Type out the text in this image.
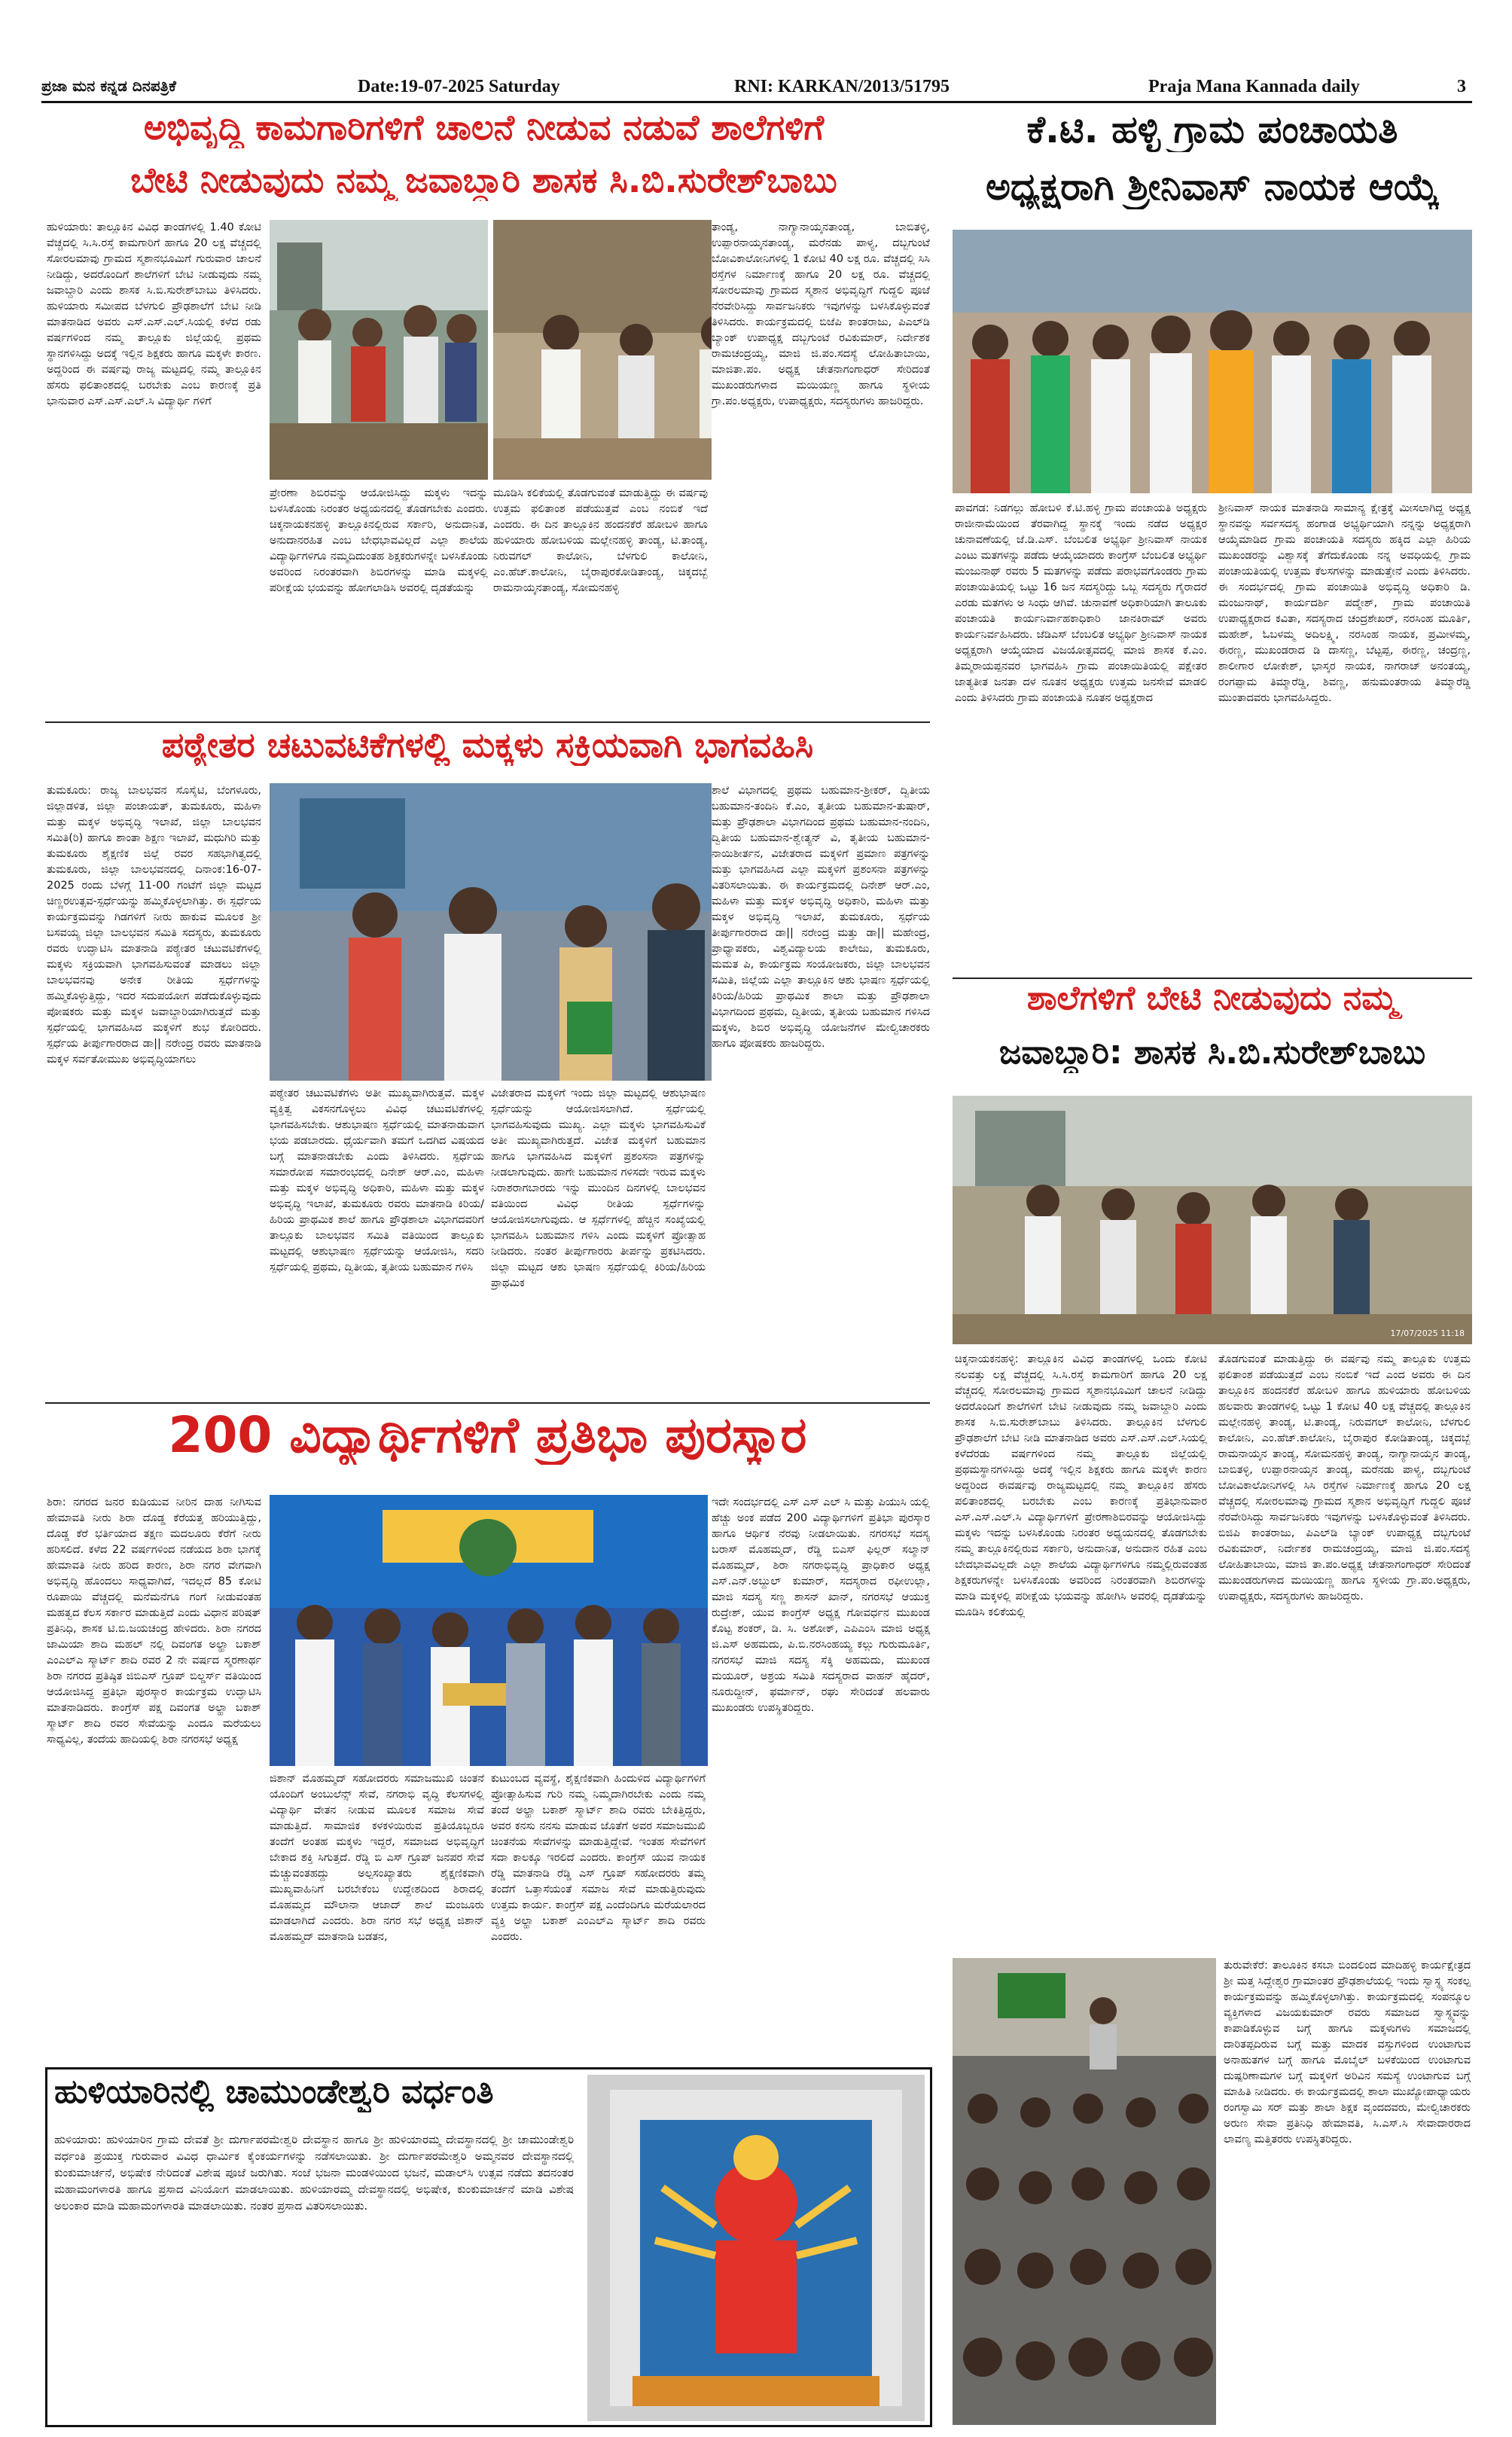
ಪ್ರಜಾ ಮನ ಕನ್ನಡ ದಿನಪತ್ರಿಕೆ	Date:19-07-2025 Saturday	RNI: KARKAN/2013/51795	Praja Mana Kannada daily	3
ಅಭಿವೃದ್ಧಿ ಕಾಮಗಾರಿಗಳಿಗೆ ಚಾಲನೆ ನೀಡುವ ನಡುವೆ ಶಾಲೆಗಳಿಗೆ
ಬೇಟಿ ನೀಡುವುದು ನಮ್ಮ ಜವಾಬ್ದಾರಿ ಶಾಸಕ ಸಿ.ಬಿ.ಸುರೇಶ್‌ಬಾಬು
ಹುಳಿಯಾರು: ತಾಲ್ಲೂಕಿನ ವಿವಿಧ ತಾಂಡಗಳಲ್ಲಿ 1.40 ಕೋಟಿ ವೆಚ್ಚದಲ್ಲಿ ಸಿ.ಸಿ.ರಸ್ತೆ ಕಾಮಗಾರಿಗೆ ಹಾಗೂ 20 ಲಕ್ಷ ವೆಚ್ಚದಲ್ಲಿ ಸೋರಲಮಾವು ಗ್ರಾಮದ ಸ್ಮಶಾನಭೂಮಿಗೆ ಗುರುವಾರ ಚಾಲನೆ ನೀಡಿದ್ದು, ಅದರೊಂದಿಗೆ ಶಾಲೆಗಳಿಗೆ ಬೇಟಿ ನೀಡುವುದು ನಮ್ಮ ಜವಾಬ್ದಾರಿ ಎಂದು ಶಾಸಕ ಸಿ.ಬಿ.ಸುರೇಶ್‌ಬಾಬು ತಿಳಿಸಿದರು. ಹುಳಿಯಾರು ಸಮೀಪದ ಬೆಳಗುಲಿ ಪ್ರೌಢಶಾಲೆಗೆ ಬೇಟಿ ನೀಡಿ ಮಾತನಾಡಿದ ಅವರು ಎಸ್.ಎಸ್.ಎಲ್.ಸಿಯಲ್ಲಿ ಕಳೆದ ರಡು ವರ್ಷಗಳಿಂದ ನಮ್ಮ ತಾಲ್ಲೂಕು ಜಿಲ್ಲೆಯಲ್ಲಿ ಪ್ರಥಮ ಸ್ಥಾನಗಳಿಸಿದ್ದು ಅದಕ್ಕೆ ಇಲ್ಲಿನ ಶಿಕ್ಷಕರು ಹಾಗೂ ಮಕ್ಕಳೇ ಕಾರಣ. ಅದ್ದರಿಂದ ಈ ವರ್ಷವು ರಾಜ್ಯ ಮಟ್ಟದಲ್ಲಿ ನಮ್ಮ ತಾಲ್ಲೂಕಿನ ಹೆಸರು ಫಲಿತಾಂಶದಲ್ಲಿ ಬರಬೇಕು ಎಂಬ ಕಾರಣಕ್ಕೆ ಪ್ರತಿ ಭಾನುವಾರ ಎಸ್.ಎಸ್.ಎಲ್.ಸಿ ವಿದ್ಯಾರ್ಥಿ ಗಳಿಗೆ
ಪ್ರೇರಣಾ ಶಿಬಿರವನ್ನು ಆಯೋಜಿಸಿದ್ದು ಮಕ್ಕಳು ಇದನ್ನು ಬಳಸಿಕೊಂಡು ನಿರಂತರ ಅಧ್ಯಯನದಲ್ಲಿ ತೊಡಗಬೇಕು ಎಂದರು. ಚಿಕ್ಕನಾಯಕನಹಳ್ಳಿ ತಾಲ್ಲೂಕಿನಲ್ಲಿರುವ ಸರ್ಕಾರಿ, ಅನುದಾನಿತ, ಅನುದಾನರಹಿತ ಎಂಬ ಬೇಧಭಾವವಿಲ್ಲದೆ ಎಲ್ಲಾ ಶಾಲೆಯ ವಿದ್ಯಾರ್ಥಿಗಳಿಗೂ ನಮ್ಮದಿದುಂತಹ ಶಿಕ್ಷಕರುಗಳನ್ನೇ ಬಳಸಿಕೊಂಡು ಅವರಿಂದ ನಿರಂತರವಾಗಿ ಶಿಬಿರಗಳನ್ನು ಮಾಡಿ ಮಕ್ಕಳಲ್ಲಿ ಪರೀಕ್ಷೆಯ ಭಯವನ್ನು ಹೋಗಲಾಡಿಸಿ ಅವರಲ್ಲಿ ದೃಡತೆಯನ್ನು
ಮೂಡಿಸಿ ಕಲಿಕೆಯಲ್ಲಿ ತೊಡಗುವಂತೆ ಮಾಡುತ್ತಿದ್ದು ಈ ವರ್ಷವು ಉತ್ತಮ ಫಲಿತಾಂಶ ಪಡೆಯುತ್ತವೆ ಎಂಬ ನಂಬಿಕೆ ಇದೆ ಎಂದರು. ಈ ದಿನ ತಾಲ್ಲೂಕಿನ ಹಂದನಕೆರೆ ಹೋಬಳಿ ಹಾಗೂ ಹುಳಿಯಾರು ಹೋಬಳಿಯ ಮಲ್ಲೇನಹಳ್ಳಿ ತಾಂಡ್ಯ, ಟಿ.ತಾಂಡ್ಯ, ನಿರುವಗಲ್ ಕಾಲೋನಿ, ಬೆಳಗುಲಿ ಕಾಲೋನಿ, ಎಂ.ಹೆಚ್.ಕಾಲೋನಿ, ಬೈರಾಪುರಕೋಡಿತಾಂಡ್ಯ, ಚಿಕ್ಕದಬ್ಬೆ ರಾಮನಾಯ್ಕನತಾಂಡ್ಯ, ಸೋಮನಹಳ್ಳಿ
ತಾಂಡ್ಯ, ನಾಗ್ಯಾನಾಯ್ಕನತಾಂಡ್ಯ, ಬಾಬಿತಳ್ಳಿ, ಉಪ್ಪಾರನಾಯ್ಕನತಾಂಡ್ಯ, ಮರೆನಡು ಪಾಳ್ಯ, ದಬ್ಬಗುಂಟೆ ಬೋವಿಕಾಲೋನಿಗಳಲ್ಲಿ 1 ಕೋಟಿ 40 ಲಕ್ಷ ರೂ. ವೆಚ್ಚದಲ್ಲಿ ಸಿಸಿ ರಸ್ತೆಗಳ ನಿರ್ಮಾಣಕ್ಕೆ ಹಾಗೂ 20 ಲಕ್ಷ ರೂ. ವೆಚ್ಚದಲ್ಲಿ ಸೋರಲಮಾವು ಗ್ರಾಮದ ಸ್ಮಶಾನ ಅಭಿವೃದ್ಧಿಗೆ ಗುದ್ದಲಿ ಪೂಜೆ ನೆರವೇರಿಸಿದ್ದು ಸಾರ್ವಜನಿಕರು ಇವುಗಳನ್ನು ಬಳಸಿಕೊಳ್ಳುವಂತೆ ತಿಳಿಸಿದರು. ಕಾರ್ಯಕ್ರಮದಲ್ಲಿ ಬಿಜೆಪಿ ಕಾಂತರಾಜು, ಪಿಎಲ್‌ಡಿ ಬ್ಯಾಂಕ್ ಉಪಾಧ್ಯಕ್ಷ ದಬ್ಬಗುಂಟೆ ರವಿಕುಮಾರ್, ನಿರ್ದೇಶಕ ರಾಮಚಂದ್ರಯ್ಯ, ಮಾಜಿ ಜಿ.ಪಂ.ಸದಸ್ಯೆ ಲೋಹಿತಾಬಾಯಿ, ಮಾಜಿತಾ.ಪಂ. ಅಧ್ಯಕ್ಷ ಚೇತನಾಗಂಗಾಧರ್ ಸೇರಿದಂತೆ ಮುಖಂಡರುಗಳಾದ ಮಯಿಯಣ್ಣ ಹಾಗೂ ಸ್ಥಳೀಯ ಗ್ರಾ.ಪಂ.ಅಧ್ಯಕ್ಷರು, ಉಪಾಧ್ಯಕ್ಷರು, ಸದಸ್ಯರುಗಳು ಹಾಜರಿದ್ದರು.
ಪಠ್ಯೇತರ ಚಟುವಟಿಕೆಗಳಲ್ಲಿ ಮಕ್ಕಳು ಸಕ್ರಿಯವಾಗಿ ಭಾಗವಹಿಸಿ
ತುಮಕೂರು: ರಾಜ್ಯ ಬಾಲಭವನ ಸೊಸೈಟಿ, ಬೆಂಗಳೂರು, ಜಿಲ್ಲಾಡಳಿತ, ಜಿಲ್ಲಾ ಪಂಚಾಯತ್, ತುಮಕೂರು, ಮಹಿಳಾ ಮತ್ತು ಮಕ್ಕಳ ಅಭಿವೃದ್ಧಿ ಇಲಾಖೆ, ಜಿಲ್ಲಾ ಬಾಲಭವನ ಸಮಿತಿ(ರಿ) ಹಾಗೂ ಶಾಂತಾ ಶಿಕ್ಷಣ ಇಲಾಖೆ, ಮಧುಗಿರಿ ಮತ್ತು ತುಮಕೂರು ಶೈಕ್ಷಣಿಕ ಜಿಲ್ಲೆ ರವರ ಸಹಭಾಗಿತ್ವದಲ್ಲಿ ತುಮಕೂರು, ಜಿಲ್ಲಾ ಬಾಲಭವನದಲ್ಲಿ ದಿನಾಂಕ:16-07-2025 ರಂದು ಬೆಳಗ್ಗೆ 11-00 ಗಂಟೆಗೆ ಜಿಲ್ಲಾ ಮಟ್ಟದ ಚಿಣ್ಣರಉತ್ಸವ-ಸ್ಪರ್ಧೆಯನ್ನು ಹಮ್ಮಿಕೊಳ್ಳಲಾಗಿತ್ತು. ಈ ಸ್ಪರ್ಧೆಯ ಕಾರ್ಯಕ್ರಮವನ್ನು ಗಿಡಗಳಿಗೆ ನೀರು ಹಾಕುವ ಮೂಲಕ ಶ್ರೀ ಬಸವಯ್ಯ ಜಿಲ್ಲಾ ಬಾಲಭವನ ಸಮಿತಿ ಸದಸ್ಯರು, ತುಮಕೂರು ರವರು ಉದ್ಘಾಟಿಸಿ ಮಾತನಾಡಿ ಪಠ್ಯೇತರ ಚಟುವಟಿಕೆಗಳಲ್ಲಿ ಮಕ್ಕಳು ಸಕ್ರಿಯವಾಗಿ ಭಾಗವಹಿಸುವಂತೆ ಮಾಡಲು ಜಿಲ್ಲಾ ಬಾಲಭವನವು ಅನೇಕ ರೀತಿಯ ಸ್ಪರ್ಧೆಗಳನ್ನು ಹಮ್ಮಿಕೊಳ್ಳುತ್ತಿದ್ದು, ಇದರ ಸದುಪಯೋಗ ಪಡೆದುಕೊಳ್ಳುವುದು ಪೋಷಕರು ಮತ್ತು ಮಕ್ಕಳ ಜವಾಬ್ದಾರಿಯಾಗಿರುತ್ತದೆ ಮತ್ತು ಸ್ಪರ್ಧೆಯಲ್ಲಿ ಭಾಗವಹಿಸಿದ ಮಕ್ಕಳಿಗೆ ಶುಭ ಕೋರಿದರು. ಸ್ಪರ್ಧೆಯ ತೀರ್ಪುಗಾರರಾದ ಡಾ|| ನರೇಂದ್ರ ರವರು ಮಾತನಾಡಿ ಮಕ್ಕಳ ಸರ್ವತೋಮುಖ ಅಭಿವೃದ್ಧಿಯಾಗಲು
ಪಠ್ಯೇತರ ಚಟುವಟಿಕೆಗಳು ಅತೀ ಮುಖ್ಯವಾಗಿರುತ್ತವೆ. ಮಕ್ಕಳ ವ್ಯಕ್ತಿತ್ವ ವಿಕಸನಗೊಳ್ಳಲು ವಿವಿಧ ಚಟುವಟಿಕೆಗಳಲ್ಲಿ ಭಾಗವಹಿಸಬೇಕು. ಆಶುಭಾಷಣ ಸ್ಪರ್ಧೆಯಲ್ಲಿ ಮಾತನಾಡುವಾಗ ಭಯ ಪಡಬಾರದು. ಧೈರ್ಯವಾಗಿ ತಮಗೆ ಒದಗಿದ ವಿಷಯದ ಬಗ್ಗೆ ಮಾತನಾಡಬೇಕು ಎಂದು ತಿಳಿಸಿದರು. ಸ್ಪರ್ಧೆಯ ಸಮಾರೋಪ ಸಮಾರಂಭದಲ್ಲಿ ದಿನೇಶ್ ಆರ್.ಎಂ, ಮಹಿಳಾ ಮತ್ತು ಮಕ್ಕಳ ಅಭಿವೃದ್ಧಿ ಅಧಿಕಾರಿ, ಮಹಿಳಾ ಮತ್ತು ಮಕ್ಕಳ ಅಭಿವೃದ್ಧಿ ಇಲಾಖೆ, ತುಮಕೂರು ರವರು ಮಾತನಾಡಿ ಕಿರಿಯ/ಹಿರಿಯ ಪ್ರಾಥಮಿಕ ಶಾಲೆ ಹಾಗೂ ಪ್ರೌಢಶಾಲಾ ವಿಭಾಗದವರಿಗೆ ತಾಲ್ಲೂಕು ಬಾಲಭವನ ಸಮಿತಿ ವತಿಯಿಂದ ತಾಲ್ಲೂಕು ಮಟ್ಟದಲ್ಲಿ ಆಶುಭಾಷಣ ಸ್ಪರ್ಧೆಯನ್ನು ಆಯೋಜಿಸಿ, ಸದರಿ ಸ್ಪರ್ಧೆಯಲ್ಲಿ ಪ್ರಥಮ, ದ್ವಿತೀಯ, ತೃತೀಯ ಬಹುಮಾನ ಗಳಿಸಿ
ವಿಜೇತರಾದ ಮಕ್ಕಳಿಗೆ ಇಂದು ಜಿಲ್ಲಾ ಮಟ್ಟದಲ್ಲಿ ಆಶುಭಾಷಣ ಸ್ಪರ್ಧೆಯನ್ನು ಆಯೋಜಿಸಲಾಗಿದೆ. ಸ್ಪರ್ಧೆಯಲ್ಲಿ ಭಾಗವಹಿಸುವುದು ಮುಖ್ಯ. ಎಲ್ಲಾ ಮಕ್ಕಳು ಭಾಗವಹಿಸುವಿಕೆ ಅತೀ ಮುಖ್ಯವಾಗಿರುತ್ತದೆ. ವಿಜೇತ ಮಕ್ಕಳಿಗೆ ಬಹುಮಾನ ಹಾಗೂ ಭಾಗವಹಿಸಿದ ಮಕ್ಕಳಿಗೆ ಪ್ರಶಂಸನಾ ಪತ್ರಗಳನ್ನು ನೀಡಲಾಗುವುದು. ಹಾಗೇ ಬಹುಮಾನ ಗಳಿಸದೇ ಇರುವ ಮಕ್ಕಳು ನಿರಾಶರಾಗಬಾರದು ಇನ್ನು ಮುಂದಿನ ದಿನಗಳಲ್ಲಿ ಬಾಲಭವನ ವತಿಯಿಂದ ವಿವಿಧ ರೀತಿಯ ಸ್ಪರ್ಧೆಗಳನ್ನು ಆಯೋಜಿಸಲಾಗುವುದು. ಆ ಸ್ಪರ್ಧೆಗಳಲ್ಲಿ ಹೆಚ್ಚಿನ ಸಂಖ್ಯೆಯಲ್ಲಿ ಭಾಗವಹಿಸಿ ಬಹುಮಾನ ಗಳಿಸಿ ಎಂದು ಮಕ್ಕಳಿಗೆ ಪ್ರೋತ್ಸಾಹ ನೀಡಿದರು. ನಂತರ ತೀರ್ಪುಗಾರರು ತೀರ್ಪನ್ನು ಪ್ರಕಟಿಸಿದರು. ಜಿಲ್ಲಾ ಮಟ್ಟದ ಆಶು ಭಾಷಣ ಸ್ಪರ್ಧೆಯಲ್ಲಿ ಕಿರಿಯ/ಹಿರಿಯ ಪ್ರಾಥಮಿಕ
ಶಾಲೆ ವಿಭಾಗದಲ್ಲಿ ಪ್ರಥಮ ಬಹುಮಾನ-ಶ್ರೀಕರ್, ದ್ವಿತೀಯ ಬಹುಮಾನ-ತಂದಿನಿ ಕೆ.ಎಂ, ತೃತೀಯ ಬಹುಮಾನ-ತುಷಾರ್, ಮತ್ತು ಪ್ರೌಢಶಾಲಾ ವಿಭಾಗದಿಂದ ಪ್ರಥಮ ಬಹುಮಾನ-ನಂದಿನಿ, ದ್ವಿತೀಯ ಬಹುಮಾನ-ಶ್ವೇತ್ಯನ್ ವಿ, ತೃತೀಯ ಬಹುಮಾನ-ನಾಯಿಶೀರ್ತನ, ವಿಜೇತರಾದ ಮಕ್ಕಳಿಗೆ ಪ್ರಮಾಣ ಪತ್ರಗಳನ್ನು ಮತ್ತು ಭಾಗವಹಿಸಿದ ಎಲ್ಲಾ ಮಕ್ಕಳಿಗೆ ಪ್ರಶಂಸನಾ ಪತ್ರಗಳನ್ನು ವಿತರಿಸಲಾಯಿತು. ಈ ಕಾರ್ಯಕ್ರಮದಲ್ಲಿ ದಿನೇಶ್ ಆರ್.ಎಂ, ಮಹಿಳಾ ಮತ್ತು ಮಕ್ಕಳ ಅಭಿವೃದ್ಧಿ ಅಧಿಕಾರಿ, ಮಹಿಳಾ ಮತ್ತು ಮಕ್ಕಳ ಅಭಿವೃದ್ಧಿ ಇಲಾಖೆ, ತುಮಕೂರು, ಸ್ಪರ್ಧೆಯ ತೀರ್ಪುಗಾರರಾದ ಡಾ|| ನರೇಂದ್ರ ಮತ್ತು ಡಾ|| ಮಹೇಂದ್ರ, ಪ್ರಾಧ್ಯಾಪಕರು, ವಿಶ್ವವಿದ್ಯಾಲಯ ಕಾಲೇಜು, ತುಮಕೂರು, ಮಮತ ಪಿ, ಕಾರ್ಯಕ್ರಮ ಸಂಯೋಜಕರು, ಜಿಲ್ಲಾ ಬಾಲಭವನ ಸಮಿತಿ, ಜಿಲ್ಲೆಯ ಎಲ್ಲಾ ತಾಲ್ಲೂಕಿನ ಆಶು ಭಾಷಣ ಸ್ಪರ್ಧೆಯಲ್ಲಿ ಕಿರಿಯ/ಹಿರಿಯ ಪ್ರಾಥಮಿಕ ಶಾಲಾ ಮತ್ತು ಪ್ರೌಢಶಾಲಾ ವಿಭಾಗದಿಂದ ಪ್ರಥಮ, ದ್ವಿತೀಯ, ತೃತೀಯ ಬಹುಮಾನ ಗಳಿಸಿದ ಮಕ್ಕಳು, ಶಿಬಿರ ಅಭಿವೃದ್ಧಿ ಯೋಜನೆಗಳ ಮೇಲ್ವಿಚಾರಕರು ಹಾಗೂ ಪೋಷಕರು ಹಾಜರಿದ್ದರು.
200 ವಿದ್ಯಾರ್ಥಿಗಳಿಗೆ ಪ್ರತಿಭಾ ಪುರಸ್ಕಾರ
ಶಿರಾ: ನಗರದ ಜನರ ಕುಡಿಯುವ ನೀರಿನ ದಾಹ ನೀಗಿಸುವ ಹೇಮಾವತಿ ನೀರು ಶಿರಾ ದೊಡ್ಡ ಕೆರೆಯತ್ತ ಹರಿಯುತ್ತಿದ್ದು, ದೊಡ್ಡ ಕೆರೆ ಭರ್ತಿಯಾದ ತಕ್ಷಣ ಮದಲೂರು ಕೆರೆಗೆ ನೀರು ಹರಿಸಲಿದೆ. ಕಳೆದ 22 ವರ್ಷಗಳಿಂದ ನಡೆಯದ ಶಿರಾ ಭಾಗಕ್ಕೆ ಹೇಮಾವತಿ ನೀರು ಹರಿದ ಕಾರಣ, ಶಿರಾ ನಗರ ವೇಗವಾಗಿ ಅಭಿವೃದ್ಧಿ ಹೊಂದಲು ಸಾಧ್ಯವಾಗಿದೆ, ಇದಲ್ಲದೆ 85 ಕೋಟಿ ರೂಪಾಯಿ ವೆಚ್ಚದಲ್ಲಿ ಮನೆಮನೆಗೂ ಗಂಗೆ ನೀಡುವಂತಹ ಮಹತ್ವದ ಕೆಲಸ ಸರ್ಕಾರ ಮಾಡುತ್ತಿದೆ ಎಂದು ವಿಧಾನ ಪರಿಷತ್ ಪ್ರತಿನಿಧಿ, ಶಾಸಕ ಟಿ.ಬಿ.ಜಯಚಂದ್ರ ಹೇಳಿದರು. ಶಿರಾ ನಗರದ ಜಾಮಿಯಾ ಶಾದಿ ಮಹಲ್ ನಲ್ಲಿ ದಿವಂಗತ ಅಲ್ಹಾ ಬಕಾಶ್ ಎಂಎಲ್‌ಎ ಸ್ಮಾರ್ಟ್ ಶಾದಿ ರವರ 2 ನೇ ವರ್ಷದ ಸ್ಮರಣಾರ್ಥ ಶಿರಾ ನಗರದ ಪ್ರತಿಷ್ಠಿತ ಜಿಬಿಎಸ್ ಗ್ರೂಪ್ ಬಿಲ್ಡರ್ಸ್ ವತಿಯಿಂದ ಆಯೋಜಿಸಿದ್ದ ಪ್ರತಿಭಾ ಪುರಸ್ಕಾರ ಕಾರ್ಯಕ್ರಮ ಉದ್ಘಾಟಿಸಿ ಮಾತನಾಡಿದರು. ಕಾಂಗ್ರೆಸ್ ಪಕ್ಷ ದಿವಂಗತ ಅಲ್ಹಾ ಬಕಾಶ್ ಸ್ಮಾರ್ಟ್ ಶಾದಿ ರವರ ಸೇವೆಯನ್ನು ಎಂದೂ ಮರೆಯಲು ಸಾಧ್ಯವಿಲ್ಲ, ತಂದೆಯ ಹಾದಿಯಲ್ಲಿ ಶಿರಾ ನಗರಸಭೆ ಅಧ್ಯಕ್ಷ
ಜಿಶಾನ್ ಮೊಹಮ್ಮದ್ ಸಹೋದರರು ಸಮಾಜಮುಖಿ ಚಿಂತನೆ ಯೊಂದಿಗೆ ಅಂಬುಲೆನ್ಸ್ ಸೇವೆ, ನಗರಾಭಿ ವೃದ್ಧಿ ಕೆಲಸಗಳಲ್ಲಿ ವಿದ್ಯಾರ್ಥಿ ವೇತನ ನೀಡುವ ಮೂಲಕ ಸಮಾಜ ಸೇವೆ ಮಾಡುತ್ತಿದೆ. ಸಾಮಾಜಿಕ ಕಳಕಳಿಯಿರುವ ಪ್ರತಿಯೊಬ್ಬರೂ ತಂದೆಗೆ ಅಂತಹ ಮಕ್ಕಳು ಇದ್ದರೆ, ಸಮಾಜದ ಅಭಿವೃದ್ಧಿಗೆ ಬೇಕಾದ ಶಕ್ತಿ ಸಿಗುತ್ತದೆ. ರೆಡ್ಡಿ ಬಿ ಎಸ್ ಗ್ರೂಪ್ ಜನಪರ ಸೇವೆ ಮೆಚ್ಚುವಂತಹದ್ದು ಅಲ್ಪಸಂಖ್ಯಾತರು ಶೈಕ್ಷಣಿಕವಾಗಿ ಮುಖ್ಯವಾಹಿನಿಗೆ ಬರಬೇಕೆಂಬ ಉದ್ದೇಶದಿಂದ ಶಿರಾದಲ್ಲಿ ಮೊಹಮ್ಮದ ಮೌಲಾನಾ ಆಜಾದ್ ಶಾಲೆ ಮಂಜೂರು ಮಾಡಲಾಗಿದೆ ಎಂದರು. ಶಿರಾ ನಗರ ಸಭೆ ಅಧ್ಯಕ್ಷ ಜಿಶಾನ್ ಮೊಹಮ್ಮದ್ ಮಾತನಾಡಿ ಬಡತನ,
ಕುಟುಂಬದ ವ್ಯವಸ್ಥೆ, ಶೈಕ್ಷಣಿಕವಾಗಿ ಹಿಂದುಳಿದ ವಿದ್ಯಾರ್ಥಿಗಳಿಗೆ ಪ್ರೋತ್ಸಾಹಿಸುವ ಗುರಿ ನಮ್ಮ ನಿಮ್ಮದಾಗಿರಬೇಕು ಎಂದು ನಮ್ಮ ತಂದೆ ಅಲ್ಹಾ ಬಕಾಶ್ ಸ್ಮಾರ್ಟ್ ಶಾದಿ ರವರು ಬೇಕಿತ್ತಿದ್ದರು, ಅವರ ಕನಸು ನನಸು ಮಾಡುವ ಜೊತೆಗೆ ಅವರ ಸಮಾಜಮುಖಿ ಚಿಂತನೆಯ ಸೇವೆಗಳನ್ನು ಮಾಡುತ್ತಿದ್ದೇವೆ. ಇಂತಹ ಸೇವೆಗಳಿಗೆ ಸದಾ ಕಾಲಕ್ಕೂ ಇರಲಿದೆ ಎಂದರು. ಕಾಂಗ್ರೆಸ್ ಯುವ ನಾಯಕ ರೆಡ್ಡಿ ಮಾತನಾಡಿ ರೆಡ್ಡಿ ಎಸ್ ಗ್ರೂಪ್ ಸಹೋದರರು ತಮ್ಮ ತಂದೆಗೆ ಒತ್ತಾಸೆಯಂತೆ ಸಮಾಜ ಸೇವೆ ಮಾಡುತ್ತಿರುವುದು ಉತ್ತಮ ಕಾರ್ಯ. ಕಾಂಗ್ರೆಸ್ ಪಕ್ಷ ಎಂದೆಂದಿಗೂ ಮರೆಯಲಾರದ ವ್ಯಕ್ತಿ ಅಲ್ಹಾ ಬಕಾಶ್ ಎಂಎಲ್‌ಎ ಸ್ಮಾರ್ಟ್ ಶಾದಿ ರವರು ಎಂದರು.
ಇದೇ ಸಂದರ್ಭದಲ್ಲಿ ಎಸ್ ಎಸ್ ಎಲ್ ಸಿ ಮತ್ತು ಪಿಯುಸಿ ಯಲ್ಲಿ ಹೆಚ್ಚು ಅಂಕ ಪಡೆದ 200 ವಿದ್ಯಾರ್ಥಿಗಳಿಗೆ ಪ್ರತಿಭಾ ಪುರಸ್ಕಾರ ಹಾಗೂ ಆರ್ಥಿಕ ನೆರವು ನೀಡಲಾಯಿತು. ನಗರಸಭೆ ಸದಸ್ಯ ಬರಾಸ್ ಮೊಹಮ್ಮದ್, ರೆಡ್ಡಿ ಬಿಎಸ್ ಫಿಲ್ಲರ್ ಸಲ್ಮಾನ್ ಮೊಹಮ್ಮದ್, ಶಿರಾ ನಗರಾಭಿವೃದ್ಧಿ ಪ್ರಾಧಿಕಾರ ಅಧ್ಯಕ್ಷ ಎಸ್.ಎನ್.ಅಬ್ದುಲ್ ಕುಮಾರ್, ಸದಸ್ಯರಾದ ರಫೀಉಲ್ಲಾ, ಮಾಜಿ ಸದಸ್ಯ ಸಣ್ಣ ಶಾಸನ್ ಖಾನ್, ನಗರಸಭೆ ಆಯುಕ್ತ ರುದ್ರೇಶ್, ಯುವ ಕಾಂಗ್ರೆಸ್ ಅಧ್ಯಕ್ಷ ಗೋವರ್ಧನ ಮುಖಂಡ ಕೊಟ್ಟ ಶಂಕರ್, ಡಿ. ಸಿ. ಅಶೋಕ್, ಎಪಿಎಂಸಿ ಮಾಜಿ ಅಧ್ಯಕ್ಷ ಜಿ.ಎಸ್ ಅಹಮದು, ಪಿ.ಬಿ.ನರಸಿಂಹಯ್ಯ ಕಲ್ಲು ಗುರುಮೂರ್ತಿ, ನಗರಸಭೆ ಮಾಜಿ ಸದಸ್ಯ ಸೆಕ್ಕಿ ಅಹಮದು, ಮುಖಂಡ ಮಯೂರ್, ಅಶ್ರಯ ಸಮಿತಿ ಸದಸ್ಯರಾದ ವಾಹನ್‌ ಹೈದರ್, ನೂರುದ್ದೀನ್, ಫರ್ಮಾನ್, ರಘು ಸೇರಿದಂತೆ ಹಲವಾರು ಮುಖಂಡರು ಉಪಸ್ಥಿತರಿದ್ದರು.
ಹುಳಿಯಾರಿನಲ್ಲಿ ಚಾಮುಂಡೇಶ್ವರಿ ವರ್ಧಂತಿ
ಹುಳಿಯಾರು: ಹುಳಿಯಾರಿನ ಗ್ರಾಮ ದೇವತೆ ಶ್ರೀ ದುರ್ಗಾಪರಮೇಶ್ವರಿ ದೇವಸ್ಥಾನ ಹಾಗೂ ಶ್ರೀ ಹುಳಿಯಾರಮ್ಮ ದೇವಸ್ಥಾನದಲ್ಲಿ ಶ್ರೀ ಚಾಮುಂಡೇಶ್ವರಿ ವರ್ಧಂತಿ ಪ್ರಯುಕ್ತ ಗುರುವಾರ ವಿವಿಧ ಧಾರ್ಮಿಕ ಕೈಂಕರ್ಯಗಳನ್ನು ನಡೆಸಲಾಯಿತು. ಶ್ರೀ ದುರ್ಗಾಪರಮೇಶ್ವರಿ ಅಮ್ಮನವರ ದೇವಸ್ಥಾನದಲ್ಲಿ ಕುಂಕುಮಾರ್ಚನೆ, ಅಭಿಷೇಕ ನೇರಿದಂತೆ ವಿಶೇಷ ಪೂಜೆ ಜರುಗಿತು. ಸಂಜೆ ಭಜನಾ ಮಂಡಳಿಯಿಂದ ಭಜನೆ, ಮಡಾಲ್‌ಸಿ ಉತ್ಸವ ನಡೆದು ತದನಂತರ ಮಹಾಮಂಗಳಾರತಿ ಹಾಗೂ ಪ್ರಸಾದ ವಿನಿಯೋಗ ಮಾಡಲಾಯಿತು. ಹುಳಿಯಾರಮ್ಮ ದೇವಸ್ಥಾನದಲ್ಲಿ ಅಭಿಷೇಕ, ಕುಂಕುಮಾರ್ಚನೆ ಮಾಡಿ ವಿಶೇಷ ಅಲಂಕಾರ ಮಾಡಿ ಮಹಾಮಂಗಳಾರತಿ ಮಾಡಲಾಯಿತು. ನಂತರ ಪ್ರಸಾದ ವಿತರಿಸಲಾಯಿತು.
ಕೆ.ಟಿ. ಹಳ್ಳಿ ಗ್ರಾಮ ಪಂಚಾಯತಿ
ಅಧ್ಯಕ್ಷರಾಗಿ ಶ್ರೀನಿವಾಸ್ ನಾಯಕ ಆಯ್ಕೆ
ಪಾವಗಡ: ನಿಡಗಲ್ಲು ಹೋಬಳಿ ಕೆ.ಟಿ.ಹಳ್ಳಿ ಗ್ರಾಮ ಪಂಚಾಯತಿ ಅಧ್ಯಕ್ಷರು ರಾಜೀನಾಮೆಯಿಂದ ತೆರವಾಗಿದ್ದ ಸ್ಥಾನಕ್ಕೆ ಇಂದು ನಡೆದ ಅಧ್ಯಕ್ಷರ ಚುನಾವಣೆಯಲ್ಲಿ ಜೆ.ಡಿ.ಎಸ್. ಬೆಂಬಲಿತ ಅಭ್ಯರ್ಥಿ ಶ್ರೀನಿವಾಸ್ ನಾಯಕ ಎಂಟು ಮತಗಳನ್ನು ಪಡೆದು ಆಯ್ಕೆಯಾದರು ಕಾಂಗ್ರೆಸ್ ಬೆಂಬಲಿತ ಅಭ್ಯರ್ಥಿ ಮಂಜುನಾಥ್ ರವರು 5 ಮತಗಳನ್ನು ಪಡೆದು ಪರಾಭವಗೊಂಡರು ಗ್ರಾಮ ಪಂಚಾಯಿತಿಯಲ್ಲಿ ಒಟ್ಟು 16 ಜನ ಸದಸ್ಯರಿದ್ದು ಒಬ್ಬ ಸದಸ್ಯರು ಗೈರಾದರೆ ಎರಡು ಮತಗಳು ಅ ಸಿಂಧು ಆಗಿವೆ. ಚುನಾವಣೆ ಅಧಿಕಾರಿಯಾಗಿ ತಾಲೂಕು ಪಂಚಾಯತಿ ಕಾರ್ಯನಿರ್ವಾಹಕಾಧಿಕಾರಿ ಜಾನಕಿರಾಮ್ ಅವರು ಕಾರ್ಯನಿರ್ವಹಿಸಿದರು. ಜೆಡಿಎಸ್ ಬೆಂಬಲಿತ ಅಭ್ಯರ್ಥಿ ಶ್ರೀನಿವಾಸ್ ನಾಯಕ ಅಧ್ಯಕ್ಷರಾಗಿ ಆಯ್ಕೆಯಾದ ವಿಜಯೋತ್ಸವದಲ್ಲಿ ಮಾಜಿ ಶಾಸಕ ಕೆ.ಎಂ. ತಿಮ್ಮರಾಯಪ್ಪನವರ ಭಾಗವಹಿಸಿ ಗ್ರಾಮ ಪಂಚಾಯಿತಿಯಲ್ಲಿ ಪಕ್ಷೇತರ ಜಾತ್ಯತೀತ ಜನತಾ ದಳ ನೂತನ ಅಧ್ಯಕ್ಷರು ಉತ್ತಮ ಜನಸೇವೆ ಮಾಡಲಿ ಎಂದು ತಿಳಿಸಿದರು ಗ್ರಾಮ ಪಂಚಾಯತಿ ನೂತನ ಅಧ್ಯಕ್ಷರಾದ
ಶ್ರೀನಿವಾಸ್ ನಾಯಕ ಮಾತನಾಡಿ ಸಾಮಾನ್ಯ ಕ್ಷೇತ್ರಕ್ಕೆ ಮೀಸಲಾಗಿದ್ದ ಅಧ್ಯಕ್ಷ ಸ್ಥಾನವನ್ನು ಸರ್ವಸದಸ್ಯ ಹಂಗಾಡ ಅಭ್ಯರ್ಥಿಯಾಗಿ ನನ್ನನ್ನು ಅಧ್ಯಕ್ಷರಾಗಿ ಆಯ್ಕೆಮಾಡಿದ ಗ್ರಾಮ ಪಂಚಾಯತಿ ಸದಸ್ಯರು ಹಕ್ಕಿದ ಎಲ್ಲಾ ಹಿರಿಯ ಮುಖಂಡರನ್ನು ವಿಶ್ವಾಸಕ್ಕೆ ತೆಗೆದುಕೊಂಡು ನನ್ನ ಅವಧಿಯಲ್ಲಿ ಗ್ರಾಮ ಪಂಚಾಯತಿಯಲ್ಲಿ ಉತ್ತಮ ಕೆಲಸಗಳನ್ನು ಮಾಡುತ್ತೇನೆ ಎಂದು ತಿಳಿಸಿದರು. ಈ ಸಂದರ್ಭದಲ್ಲಿ ಗ್ರಾಮ ಪಂಚಾಯಿತಿ ಅಭಿವೃದ್ಧಿ ಅಧಿಕಾರಿ ಡಿ. ಮಂಜುನಾಥ್, ಕಾರ್ಯದರ್ಶಿ ಪದ್ಮೇಶ್, ಗ್ರಾಮ ಪಂಚಾಯಿತಿ ಉಪಾಧ್ಯಕ್ಷರಾದ ಕವಿತಾ, ಸದಸ್ಯರಾದ ಚಂದ್ರಶೇಖರ್, ನರಸಿಂಹ ಮೂರ್ತಿ, ಮಹೇಶ್, ಓಬಳಮ್ಮ ಅದಿಲಕ್ಷ್ಮಿ, ನರಸಿಂಹ ನಾಯಕ, ಪ್ರಮೀಳಮ್ಮ, ಈರಣ್ಣ, ಮುಖಂಡರಾದ ಡಿ ದಾಸಣ್ಣ, ಬೆಟ್ಟಪ್ಪ, ಈರಣ್ಣ, ಚಂದ್ರಣ್ಣ, ಶಾಲೀಗಾರ ಲೋಕೇಶ್, ಭಾಸ್ಕರ ನಾಯಕ, ನಾಗರಾಜ್ ಅನಂತಯ್ಯ, ರಂಗಪ್ಪಾಮ ತಿಮ್ಮಾರೆಡ್ಡಿ, ಶಿವಣ್ಣ, ಹನುಮಂತರಾಯ ತಿಮ್ಮಾರೆಡ್ಡಿ ಮುಂತಾದವರು ಭಾಗವಹಿಸಿದ್ದರು.
ಶಾಲೆಗಳಿಗೆ ಬೇಟಿ ನೀಡುವುದು ನಮ್ಮ
ಜವಾಬ್ದಾರಿ: ಶಾಸಕ ಸಿ.ಬಿ.ಸುರೇಶ್‌ಬಾಬು
17/07/2025 11:18
ಚಿಕ್ಕನಾಯಕನಹಳ್ಳಿ: ತಾಲ್ಲೂಕಿನ ವಿವಿಧ ತಾಂಡಗಳಲ್ಲಿ ಒಂದು ಕೋಟಿ ನಲವತ್ತು ಲಕ್ಷ ವೆಚ್ಚದಲ್ಲಿ ಸಿ.ಸಿ.ರಸ್ತೆ ಕಾಮಗಾರಿಗೆ ಹಾಗೂ 20 ಲಕ್ಷ ವೆಚ್ಚದಲ್ಲಿ ಸೋರಲಮಾವು ಗ್ರಾಮದ ಸ್ಮಶಾನಭೂಮಿಗೆ ಚಾಲನೆ ನೀಡಿದ್ದು ಅದರೊಂದಿಗೆ ಶಾಲೆಗಳಿಗೆ ಬೇಟಿ ನೀಡುವುದು ನಮ್ಮ ಜವಾಬ್ದಾರಿ ಎಂದು ಶಾಸಕ ಸಿ.ಬಿ.ಸುರೇಶ್‌ಬಾಬು ತಿಳಿಸಿದರು. ತಾಲ್ಲೂಕಿನ ಬೆಳಗುಲಿ ಪ್ರೌಢಶಾಲೆಗೆ ಬೇಟಿ ನೀಡಿ ಮಾತನಾಡಿದ ಅವರು ಎಸ್.ಎಸ್.ಎಲ್.ಸಿಯಲ್ಲಿ ಕಳೆದೆರಡು ವರ್ಷಗಳಿಂದ ನಮ್ಮ ತಾಲ್ಲೂಕು ಜಿಲ್ಲೆಯಲ್ಲಿ ಪ್ರಥಮಸ್ಥಾನಗಳಿಸಿದ್ದು ಅದಕ್ಕೆ ಇಲ್ಲಿನ ಶಿಕ್ಷಕರು ಹಾಗೂ ಮಕ್ಕಳೇ ಕಾರಣ ಅದ್ದರಿಂದ ಈವರ್ಷವು ರಾಜ್ಯಮಟ್ಟದಲ್ಲಿ ನಮ್ಮ ತಾಲ್ಲೂಕಿನ ಹೆಸರು ಪಲಿತಾಂಶದಲ್ಲಿ ಬರಬೇಕು ಎಂಬ ಕಾರಣಕ್ಕೆ ಪ್ರತಿಭಾನುವಾರ ಎಸ್.ಎಸ್.ಎಲ್.ಸಿ ವಿದ್ಯಾರ್ಥಿಗಳಿಗೆ ಪ್ರೇರಣಾಶಿಬಿರವನ್ನು ಆಯೋಜಿಸಿದ್ದು ಮಕ್ಕಳು ಇದನ್ನು ಬಳಸಿಕೊಂಡು ನಿರಂತರ ಅಧ್ಯಯನದಲ್ಲಿ ತೊಡಗಬೇಕು ನಮ್ಮ ತಾಲ್ಲೂಕಿನಲ್ಲಿರುವ ಸರ್ಕಾರಿ, ಅನುದಾನಿತ, ಅನುದಾನ ರಹಿತ ಎಂಬ ಬೇದಭಾವವಿಲ್ಲದೇ ಎಲ್ಲಾ ಶಾಲೆಯ ವಿದ್ಯಾರ್ಥಿಗಳಿಗೂ ನಮ್ಮಲ್ಲಿರುವಂತಹ ಶಿಕ್ಷಕರುಗಳನ್ನೇ ಬಳಸಿಕೊಂಡು ಅವರಿಂದ ನಿರಂತರವಾಗಿ ಶಿಬಿರಗಳನ್ನು ಮಾಡಿ ಮಕ್ಕಳಲ್ಲಿ ಪರೀಕ್ಷೆಯ ಭಯವನ್ನು ಹೋಗಿಸಿ ಅವರಲ್ಲಿ ದೃಡತೆಯನ್ನು ಮೂಡಿಸಿ ಕಲಿಕೆಯಲ್ಲಿ
ತೊಡಗುವಂತೆ ಮಾಡುತ್ತಿದ್ದು ಈ ವರ್ಷವು ನಮ್ಮ ತಾಲ್ಲೂಕು ಉತ್ತಮ ಫಲಿತಾಂಶ ಪಡೆಯುತ್ತದೆ ಎಂಬ ನಂಬಿಕೆ ಇದೆ ಎಂದ ಅವರು ಈ ದಿನ ತಾಲ್ಲೂಕಿನ ಹಂದನಕೆರೆ ಹೋಬಳಿ ಹಾಗೂ ಹುಳಿಯಾರು ಹೋಬಳಿಯ ಹಲವಾರು ತಾಂಡಗಳಲ್ಲಿ ಒಟ್ಟು 1 ಕೋಟಿ 40 ಲಕ್ಷ ವೆಚ್ಚದಲ್ಲಿ ತಾಲ್ಲೂಕಿನ ಮಲ್ಲೇನಹಳ್ಳಿ ತಾಂಡ್ಯ, ಟಿ.ತಾಂಡ್ಯ, ನಿರುವಗಲ್ ಕಾಲೋನಿ, ಬೆಳಗುಲಿ ಕಾಲೋನಿ, ಎಂ.ಹೆಚ್.ಕಾಲೋನಿ, ಬೈರಾಪುರ ಕೋಡಿತಾಂಡ್ಯ, ಚಿಕ್ಕದಬ್ಬೆ ರಾಮನಾಯ್ಕನ ತಾಂಡ್ಯ, ಸೋಮನಹಳ್ಳಿ ತಾಂಡ್ಯ, ನಾಗ್ಯಾನಾಯ್ಕನ ತಾಂಡ್ಯ, ಬಾಬಿತಳ್ಳಿ, ಉಪ್ಪಾರನಾಯ್ಕನ ತಾಂಡ್ಯ, ಮರೆನಡು ಪಾಳ್ಯ, ದಬ್ಬಗುಂಟೆ ಬೋವಿಕಾಲೋನಿಗಳಲ್ಲಿ ಸಿಸಿ ರಸ್ತೆಗಳ ನಿರ್ಮಾಣಕ್ಕೆ ಹಾಗೂ 20 ಲಕ್ಷ ವೆಚ್ಚದಲ್ಲಿ ಸೋರಲಮಾವು ಗ್ರಾಮದ ಸ್ಮಶಾನ ಅಭಿವೃದ್ಧಿಗೆ ಗುದ್ದಲಿ ಪೂಜೆ ನೆರವೇರಿಸಿದ್ದು ಸಾರ್ವಜನಿಕರು ಇವುಗಳನ್ನು ಬಳಸಿಕೊಳ್ಳುವಂತೆ ತಿಳಿಸಿದರು. ಬಿಜಿಪಿ ಕಾಂತರಾಜು, ಪಿಎಲ್‌ಡಿ ಬ್ಯಾಂಕ್ ಉಪಾಧ್ಯಕ್ಷ ದಬ್ಬಗುಂಟೆ ರವಿಕುಮಾರ್, ನಿರ್ದೇಶಕ ರಾಮಚಂದ್ರಯ್ಯ, ಮಾಜಿ ಜಿ.ಪಂ.ಸದಸ್ಯೆ ಲೋಹಿತಾಬಾಯಿ, ಮಾಜಿ ತಾ.ಪಂ.ಅಧ್ಯಕ್ಷ ಚೇತನಾಗಂಗಾಧರ್ ಸೇರಿದಂತೆ ಮುಖಂಡರುಗಳಾದ ಮಯಿಯಣ್ಣ ಹಾಗೂ ಸ್ಥಳೀಯ ಗ್ರಾ.ಪಂ.ಅಧ್ಯಕ್ಷರು, ಉಪಾಧ್ಯಕ್ಷರು, ಸದಸ್ಯರುಗಳು ಹಾಜರಿದ್ದರು.
ತುರುವೇಕೆರೆ: ತಾಲೂಕಿನ ಕಸಬಾ ಬಿಂದಲಿಂದ ಮಾದಿಹಳ್ಳಿ ಕಾರ್ಯಕ್ಷೇತ್ರದ ಶ್ರೀ ಮತ್ತ ಸಿದ್ದೇಶ್ವರ ಗ್ರಾಮಾಂತರ ಪ್ರೌಢಶಾಲೆಯಲ್ಲಿ ಇಂದು ಸ್ವಾಸ್ಥ್ಯ ಸಂಕಲ್ಪ ಕಾರ್ಯಕ್ರಮವನ್ನು ಹಮ್ಮಿಕೊಳ್ಳಲಾಗಿತ್ತು. ಕಾರ್ಯಕ್ರಮದಲ್ಲಿ ಸಂಪನ್ಮೂಲ ವ್ಯಕ್ತಿಗಳಾದ ವಿಜಯಕುಮಾರ್ ರವರು ಸಮಾಜದ ಸ್ವಾಸ್ಥ್ಯವನ್ನು ಕಾಪಾಡಿಕೊಳ್ಳುವ ಬಗ್ಗೆ ಹಾಗೂ ಮಕ್ಕಳುಗಳು ಸಮಾಜದಲ್ಲಿ ದಾರಿತಪ್ಪದಿರುವ ಬಗ್ಗೆ ಮತ್ತು ಮಾದಕ ವಸ್ತುಗಳಿಂದ ಉಂಟಾಗುವ ಅನಾಹುತಗಳ ಬಗ್ಗೆ ಹಾಗೂ ಮೊಬೈಲ್ ಬಳಕೆಯಿಂದ ಉಂಟಾಗುವ ದುಷ್ಪರಿಣಾಮಗಳ ಬಗ್ಗೆ ಮಕ್ಕಳಿಗೆ ಅರಿವಿನ ಸಮಸ್ಯೆ ಉಂಟಾಗುವ ಬಗ್ಗೆ ಮಾಹಿತಿ ನೀಡಿದರು. ಈ ಕಾರ್ಯಕ್ರಮದಲ್ಲಿ ಶಾಲಾ ಮುಖ್ಯೋಪಾಧ್ಯಾಯರು ರಂಗಸ್ವಾಮಿ ಸರ್ ಮತ್ತು ಶಾಲಾ ಶಿಕ್ಷಕ ವೃಂದದವರು, ಮೇಲ್ವಿಚಾರಕರು ಅರುಣ ಸೇವಾ ಪ್ರತಿನಿಧಿ ಹೇಮಾವತಿ, ಸಿ.ಎಸ್.ಸಿ ಸೇವಾದಾರರಾದ ಲಾವಣ್ಯ ಮತ್ತಿತರರು ಉಪಸ್ಥಿತರಿದ್ದರು.
